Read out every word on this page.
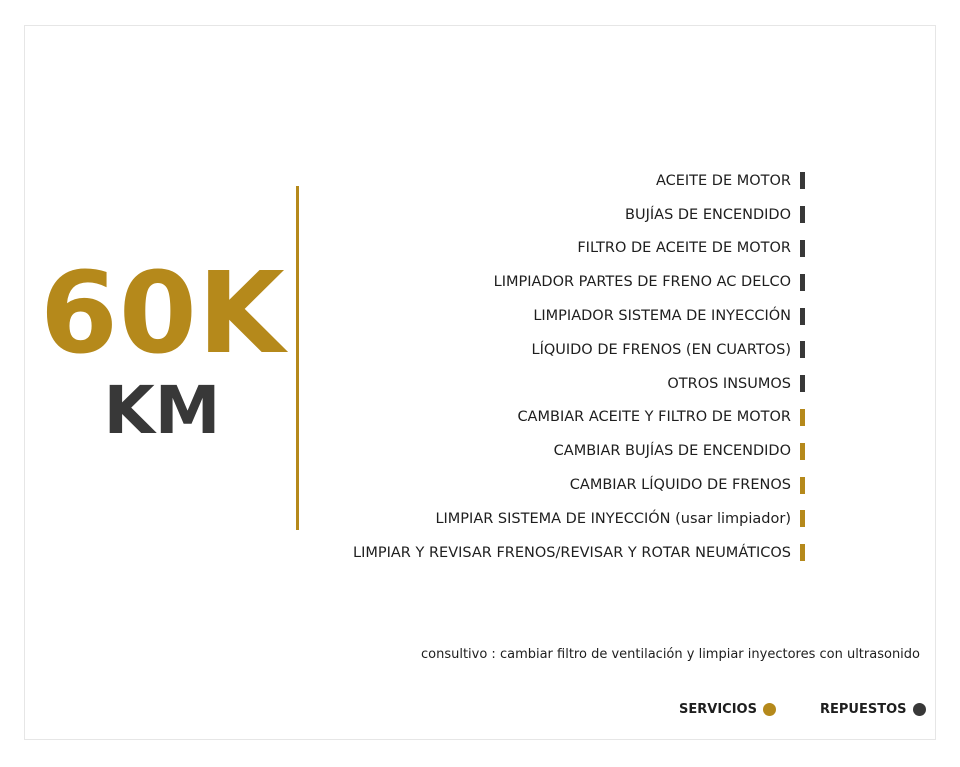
60K
KM
ACEITE DE MOTOR
BUJÍAS DE ENCENDIDO
FILTRO DE ACEITE DE MOTOR
LIMPIADOR PARTES DE FRENO AC DELCO
LIMPIADOR SISTEMA DE INYECCIÓN
LÍQUIDO DE FRENOS (EN CUARTOS)
OTROS INSUMOS
CAMBIAR ACEITE Y FILTRO DE MOTOR
CAMBIAR BUJÍAS DE ENCENDIDO
CAMBIAR LÍQUIDO DE FRENOS
LIMPIAR SISTEMA DE INYECCIÓN (usar limpiador)
LIMPIAR Y REVISAR FRENOS/REVISAR Y ROTAR NEUMÁTICOS
consultivo : cambiar filtro de ventilación y limpiar inyectores con ultrasonido
SERVICIOS	REPUESTOS
